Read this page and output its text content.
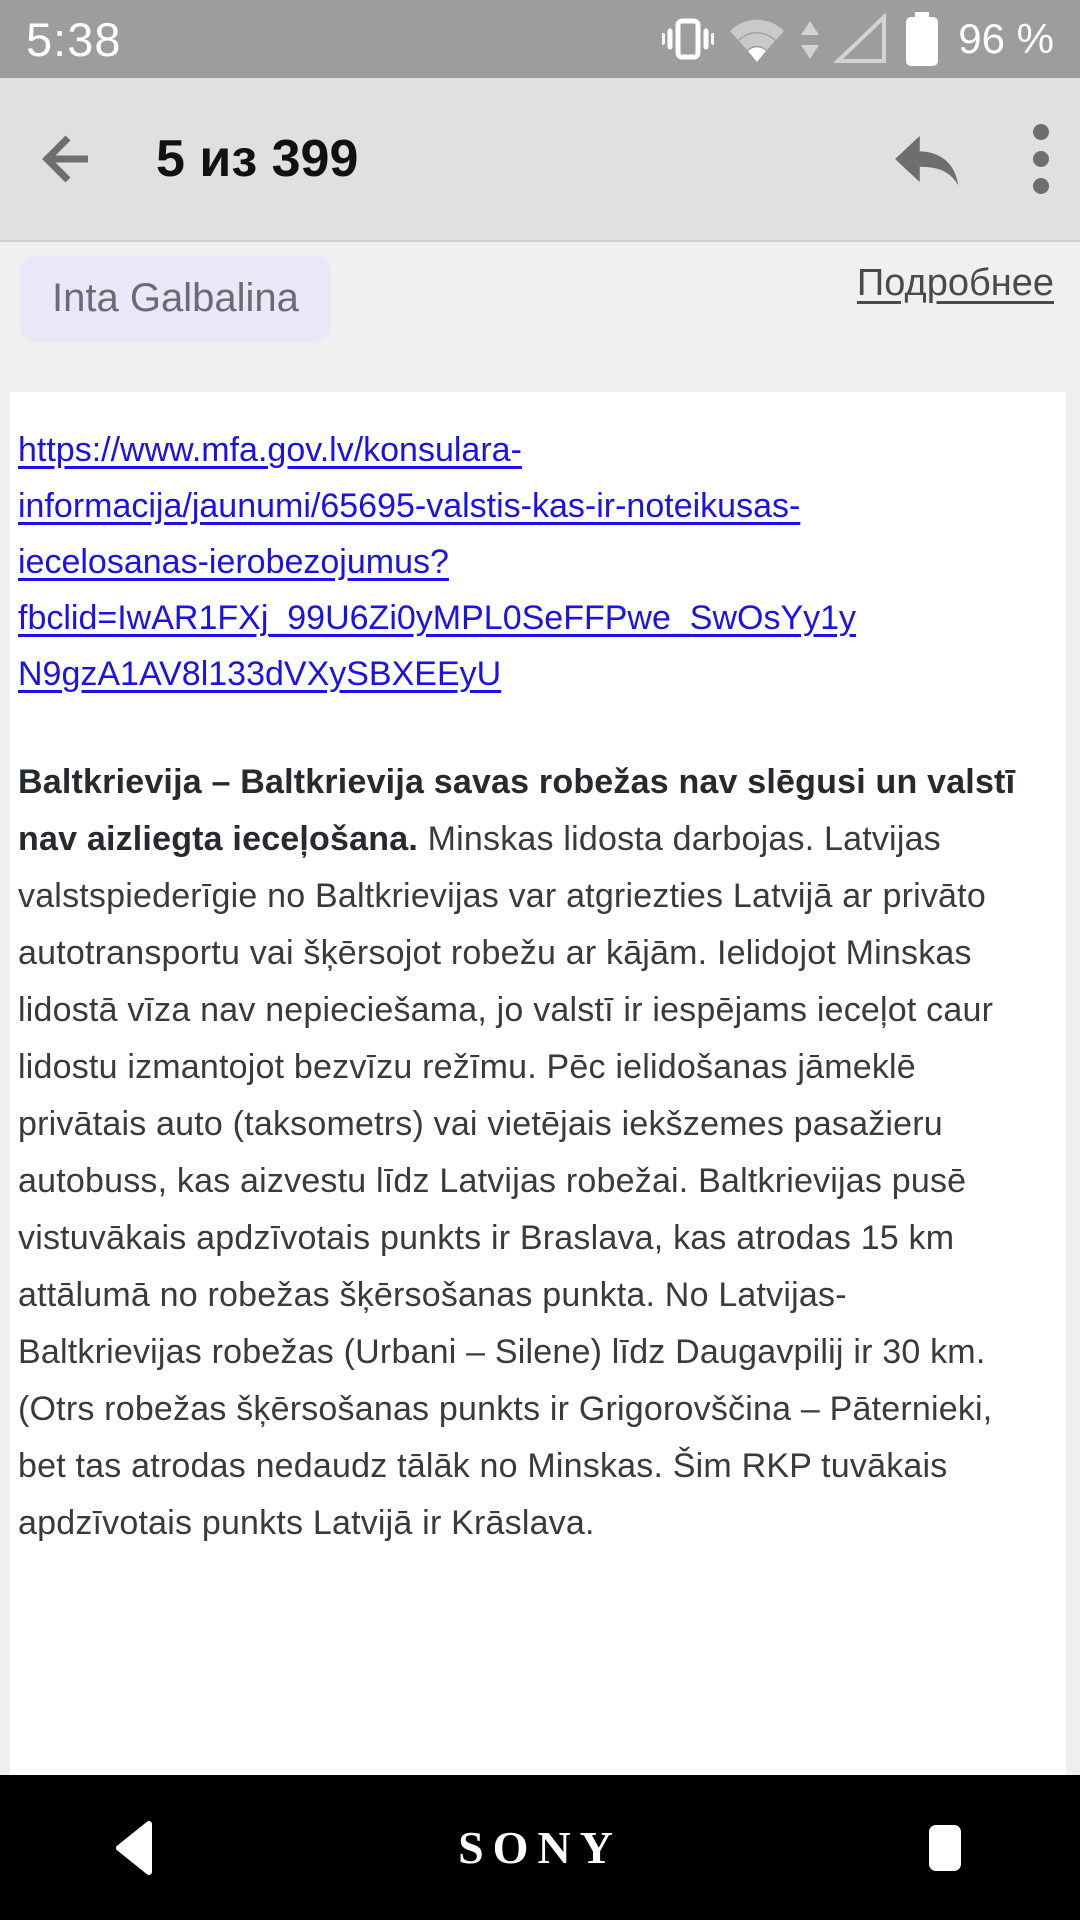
5:38	96 %
5 из 399
Inta Galbalina	Подробнее
https://www.mfa.gov.lv/konsulara-
informacija/jaunumi/65695-valstis-kas-ir-noteikusas-
iecelosanas-ierobezojumus?
fbclid=IwAR1FXj_99U6Zi0yMPL0SeFFPwe_SwOsYy1y
N9gzA1AV8l133dVXySBXEEyU

Baltkrievija – Baltkrievija savas robežas nav slēgusi un valstī nav aizliegta ieceļošana. Minskas lidosta darbojas. Latvijas valstspiederīgie no Baltkrievijas var atgriezties Latvijā ar privāto autotransportu vai šķērsojot robežu ar kājām. Ielidojot Minskas lidostā vīza nav nepieciešama, jo valstī ir iespējams ieceļot caur lidostu izmantojot bezvīzu režīmu. Pēc ielidošanas jāmeklē privātais auto (taksometrs) vai vietējais iekšzemes pasažieru autobuss, kas aizvestu līdz Latvijas robežai. Baltkrievijas pusē vistuvākais apdzīvotais punkts ir Braslava, kas atrodas 15 km attālumā no robežas šķērsošanas punkta. No Latvijas-Baltkrievijas robežas (Urbani – Silene) līdz Daugavpilij ir 30 km. (Otrs robežas šķērsošanas punkts ir Grigorovščina – Pāternieki, bet tas atrodas nedaudz tālāk no Minskas. Šim RKP tuvākais apdzīvotais punkts Latvijā ir Krāslava.

SONY
